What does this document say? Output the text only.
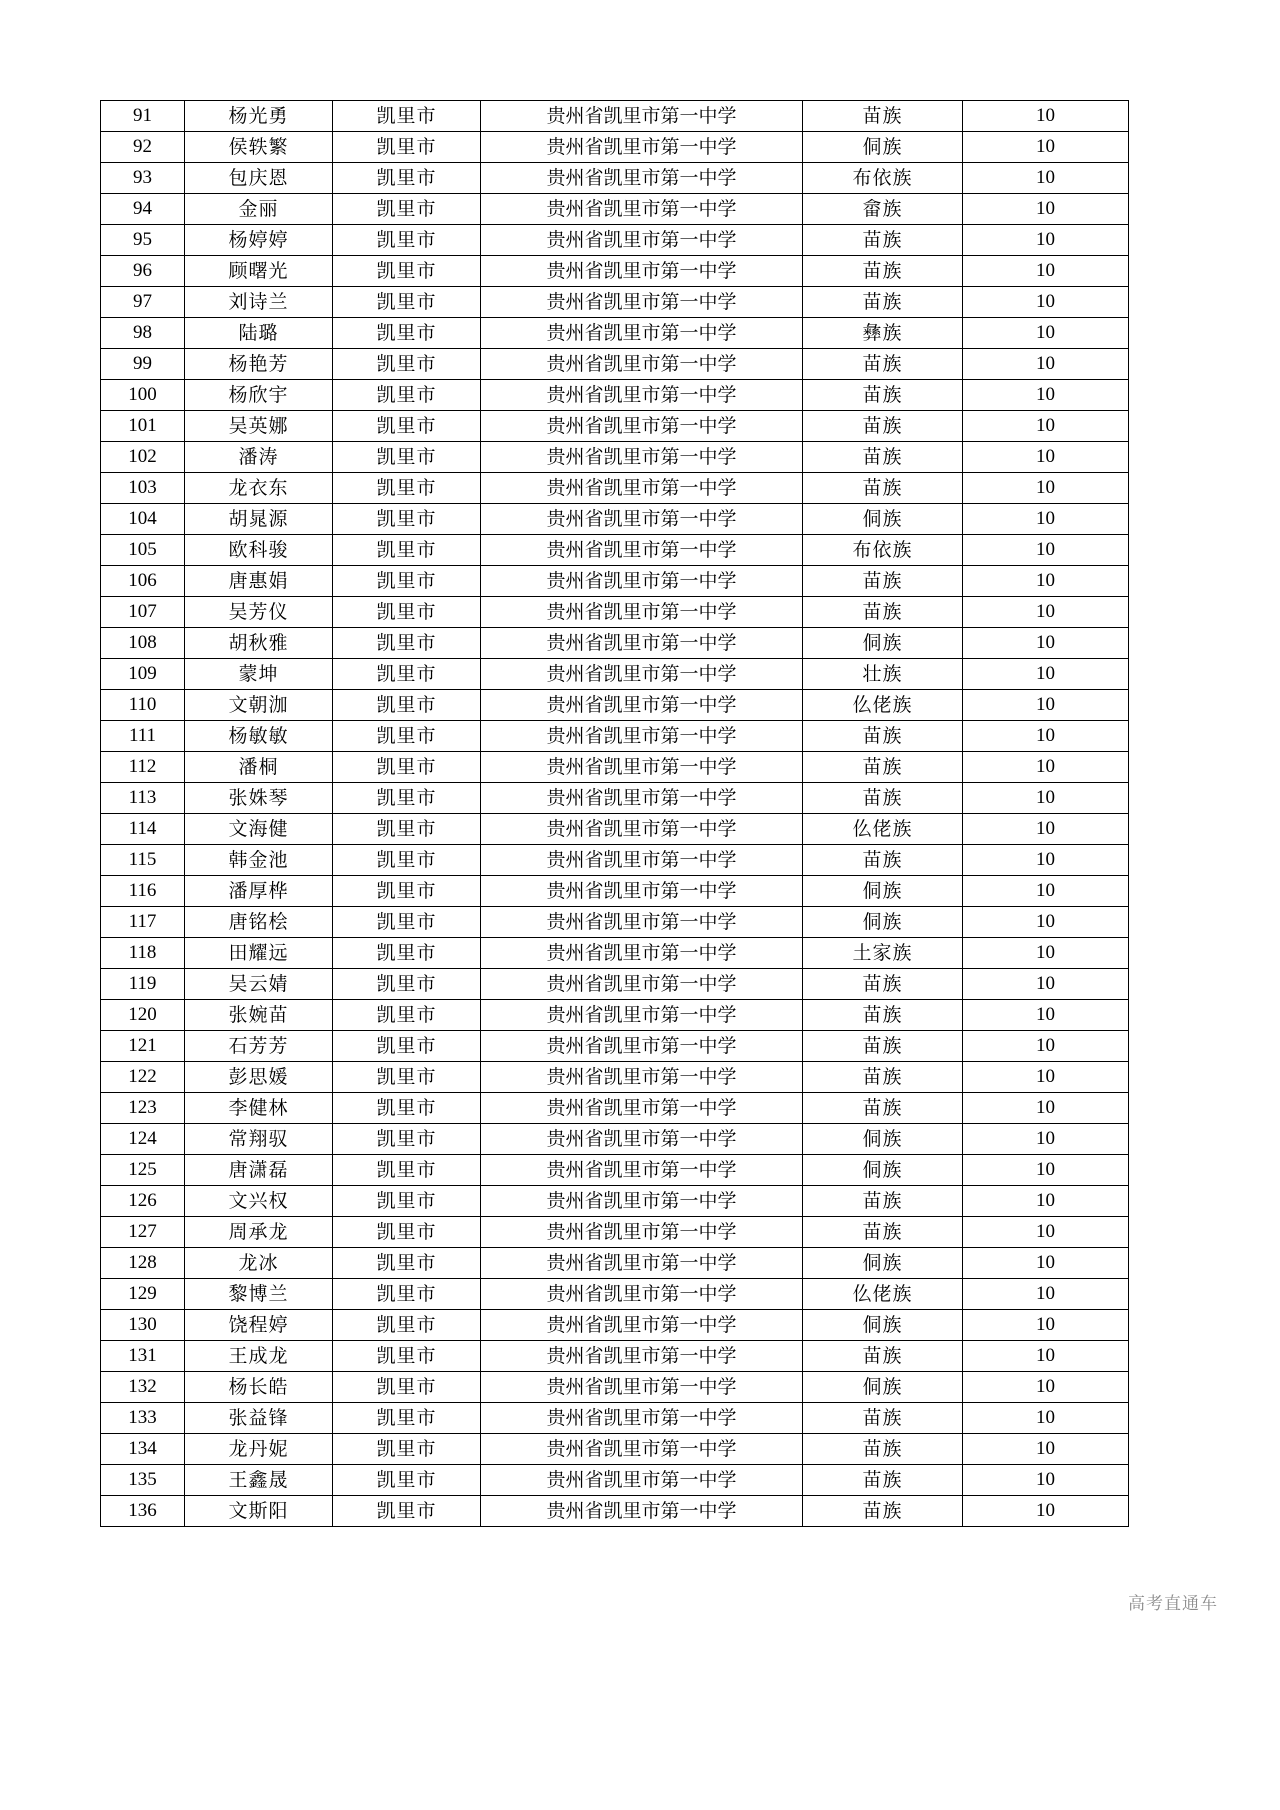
91	杨光勇	凯里市	贵州省凯里市第一中学	苗族	10
92	侯轶繁	凯里市	贵州省凯里市第一中学	侗族	10
93	包庆恩	凯里市	贵州省凯里市第一中学	布依族	10
94	金丽	凯里市	贵州省凯里市第一中学	畲族	10
95	杨婷婷	凯里市	贵州省凯里市第一中学	苗族	10
96	顾曙光	凯里市	贵州省凯里市第一中学	苗族	10
97	刘诗兰	凯里市	贵州省凯里市第一中学	苗族	10
98	陆璐	凯里市	贵州省凯里市第一中学	彝族	10
99	杨艳芳	凯里市	贵州省凯里市第一中学	苗族	10
100	杨欣宇	凯里市	贵州省凯里市第一中学	苗族	10
101	吴英娜	凯里市	贵州省凯里市第一中学	苗族	10
102	潘涛	凯里市	贵州省凯里市第一中学	苗族	10
103	龙衣东	凯里市	贵州省凯里市第一中学	苗族	10
104	胡晁源	凯里市	贵州省凯里市第一中学	侗族	10
105	欧科骏	凯里市	贵州省凯里市第一中学	布依族	10
106	唐惠娟	凯里市	贵州省凯里市第一中学	苗族	10
107	吴芳仪	凯里市	贵州省凯里市第一中学	苗族	10
108	胡秋雅	凯里市	贵州省凯里市第一中学	侗族	10
109	蒙坤	凯里市	贵州省凯里市第一中学	壮族	10
110	文朝泇	凯里市	贵州省凯里市第一中学	仫佬族	10
111	杨敏敏	凯里市	贵州省凯里市第一中学	苗族	10
112	潘桐	凯里市	贵州省凯里市第一中学	苗族	10
113	张姝琴	凯里市	贵州省凯里市第一中学	苗族	10
114	文海健	凯里市	贵州省凯里市第一中学	仫佬族	10
115	韩金池	凯里市	贵州省凯里市第一中学	苗族	10
116	潘厚桦	凯里市	贵州省凯里市第一中学	侗族	10
117	唐铭桧	凯里市	贵州省凯里市第一中学	侗族	10
118	田耀远	凯里市	贵州省凯里市第一中学	土家族	10
119	吴云婧	凯里市	贵州省凯里市第一中学	苗族	10
120	张婉苗	凯里市	贵州省凯里市第一中学	苗族	10
121	石芳芳	凯里市	贵州省凯里市第一中学	苗族	10
122	彭思媛	凯里市	贵州省凯里市第一中学	苗族	10
123	李健林	凯里市	贵州省凯里市第一中学	苗族	10
124	常翔驭	凯里市	贵州省凯里市第一中学	侗族	10
125	唐潇磊	凯里市	贵州省凯里市第一中学	侗族	10
126	文兴权	凯里市	贵州省凯里市第一中学	苗族	10
127	周承龙	凯里市	贵州省凯里市第一中学	苗族	10
128	龙冰	凯里市	贵州省凯里市第一中学	侗族	10
129	黎博兰	凯里市	贵州省凯里市第一中学	仫佬族	10
130	饶程婷	凯里市	贵州省凯里市第一中学	侗族	10
131	王成龙	凯里市	贵州省凯里市第一中学	苗族	10
132	杨长皓	凯里市	贵州省凯里市第一中学	侗族	10
133	张益锋	凯里市	贵州省凯里市第一中学	苗族	10
134	龙丹妮	凯里市	贵州省凯里市第一中学	苗族	10
135	王鑫晟	凯里市	贵州省凯里市第一中学	苗族	10
136	文斯阳	凯里市	贵州省凯里市第一中学	苗族	10
高考直通车
